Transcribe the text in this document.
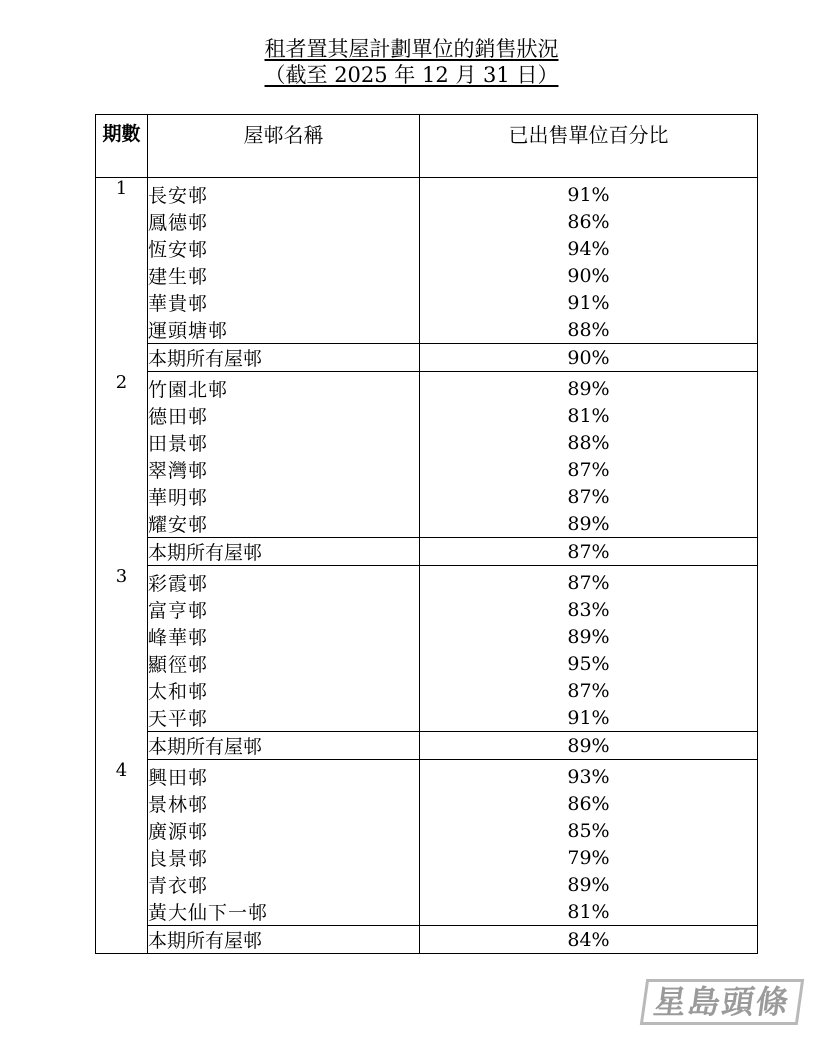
租者置其屋計劃單位的銷售狀況
（截至 2025 年 12 月 31 日）
期數	屋邨名稱	已出售單位百分比
1		
	長安邨	91%
	鳳德邨	86%
	恆安邨	94%
	建生邨	90%
	華貴邨	91%
	運頭塘邨	88%
	本期所有屋邨	90%
2		
	竹園北邨	89%
	德田邨	81%
	田景邨	88%
	翠灣邨	87%
	華明邨	87%
	耀安邨	89%
	本期所有屋邨	87%
3		
	彩霞邨	87%
	富亨邨	83%
	峰華邨	89%
	顯徑邨	95%
	太和邨	87%
	天平邨	91%
	本期所有屋邨	89%
4		
	興田邨	93%
	景林邨	86%
	廣源邨	85%
	良景邨	79%
	青衣邨	89%
	黃大仙下一邨	81%
	本期所有屋邨	84%
星島頭條
